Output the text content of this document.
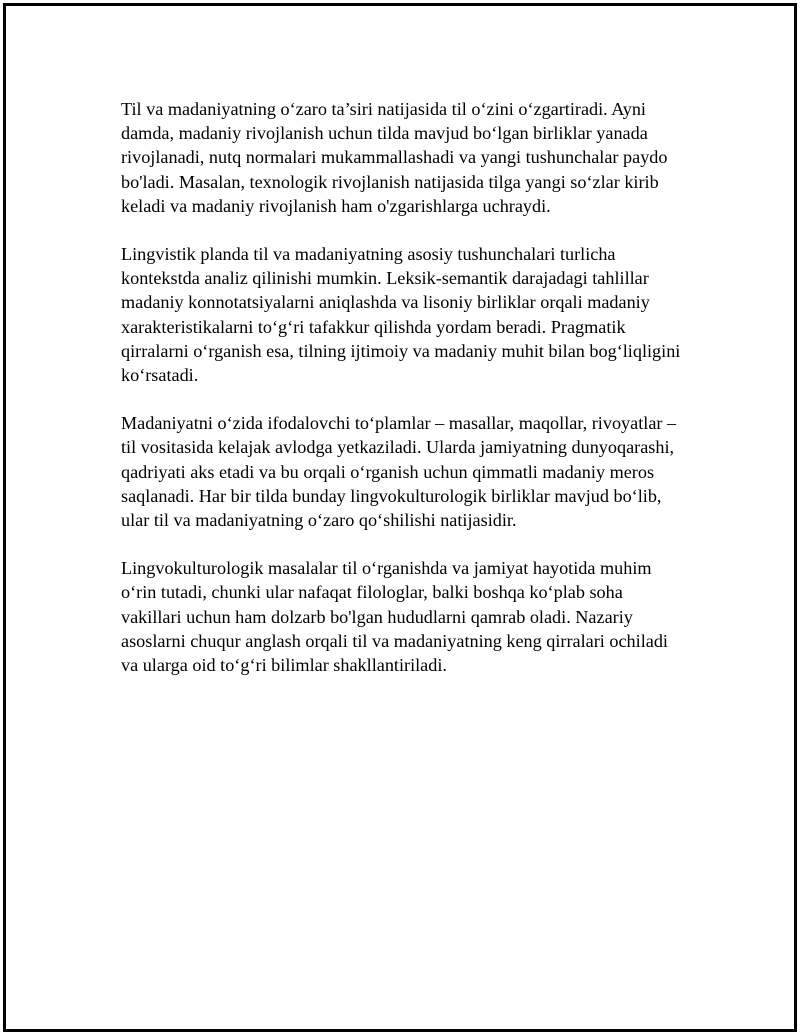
Til va madaniyatning o‘zaro ta’siri natijasida til o‘zini o‘zgartiradi. Ayni
damda, madaniy rivojlanish uchun tilda mavjud bo‘lgan birliklar yanada
rivojlanadi, nutq normalari mukammallashadi va yangi tushunchalar paydo
bo'ladi. Masalan, texnologik rivojlanish natijasida tilga yangi so‘zlar kirib
keladi va madaniy rivojlanish ham o'zgarishlarga uchraydi.

Lingvistik planda til va madaniyatning asosiy tushunchalari turlicha
kontekstda analiz qilinishi mumkin. Leksik-semantik darajadagi tahlillar
madaniy konnotatsiyalarni aniqlashda va lisoniy birliklar orqali madaniy
xarakteristikalarni to‘g‘ri tafakkur qilishda yordam beradi. Pragmatik
qirralarni o‘rganish esa, tilning ijtimoiy va madaniy muhit bilan bog‘liqligini
ko‘rsatadi.

Madaniyatni o‘zida ifodalovchi to‘plamlar – masallar, maqollar, rivoyatlar –
til vositasida kelajak avlodga yetkaziladi. Ularda jamiyatning dunyoqarashi,
qadriyati aks etadi va bu orqali o‘rganish uchun qimmatli madaniy meros
saqlanadi. Har bir tilda bunday lingvokulturologik birliklar mavjud bo‘lib,
ular til va madaniyatning o‘zaro qo‘shilishi natijasidir.

Lingvokulturologik masalalar til o‘rganishda va jamiyat hayotida muhim
o‘rin tutadi, chunki ular nafaqat filologlar, balki boshqa ko‘plab soha
vakillari uchun ham dolzarb bo'lgan hududlarni qamrab oladi. Nazariy
asoslarni chuqur anglash orqali til va madaniyatning keng qirralari ochiladi
va ularga oid to‘g‘ri bilimlar shakllantiriladi.
